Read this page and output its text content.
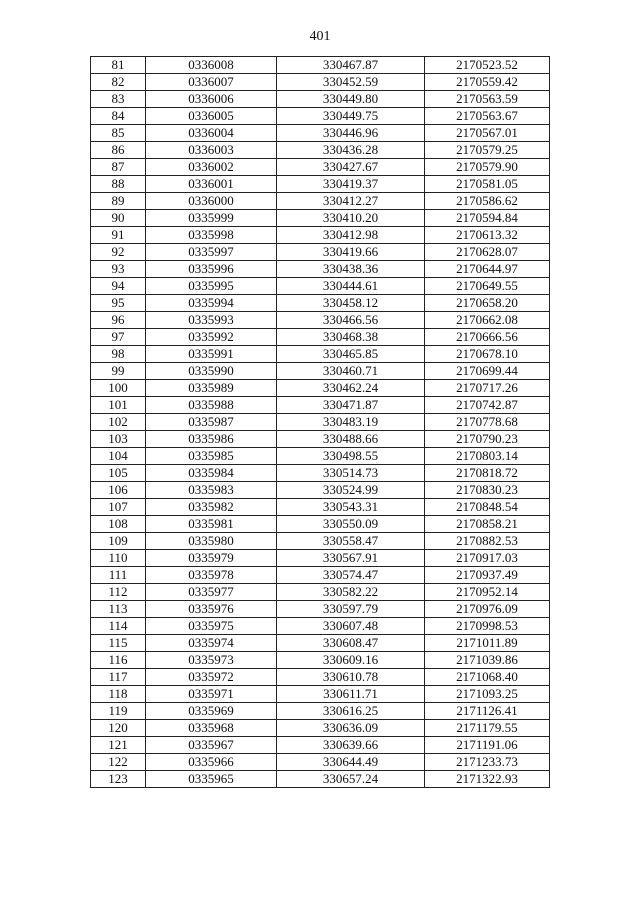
401
81	0336008	330467.87	2170523.52
82	0336007	330452.59	2170559.42
83	0336006	330449.80	2170563.59
84	0336005	330449.75	2170563.67
85	0336004	330446.96	2170567.01
86	0336003	330436.28	2170579.25
87	0336002	330427.67	2170579.90
88	0336001	330419.37	2170581.05
89	0336000	330412.27	2170586.62
90	0335999	330410.20	2170594.84
91	0335998	330412.98	2170613.32
92	0335997	330419.66	2170628.07
93	0335996	330438.36	2170644.97
94	0335995	330444.61	2170649.55
95	0335994	330458.12	2170658.20
96	0335993	330466.56	2170662.08
97	0335992	330468.38	2170666.56
98	0335991	330465.85	2170678.10
99	0335990	330460.71	2170699.44
100	0335989	330462.24	2170717.26
101	0335988	330471.87	2170742.87
102	0335987	330483.19	2170778.68
103	0335986	330488.66	2170790.23
104	0335985	330498.55	2170803.14
105	0335984	330514.73	2170818.72
106	0335983	330524.99	2170830.23
107	0335982	330543.31	2170848.54
108	0335981	330550.09	2170858.21
109	0335980	330558.47	2170882.53
110	0335979	330567.91	2170917.03
111	0335978	330574.47	2170937.49
112	0335977	330582.22	2170952.14
113	0335976	330597.79	2170976.09
114	0335975	330607.48	2170998.53
115	0335974	330608.47	2171011.89
116	0335973	330609.16	2171039.86
117	0335972	330610.78	2171068.40
118	0335971	330611.71	2171093.25
119	0335969	330616.25	2171126.41
120	0335968	330636.09	2171179.55
121	0335967	330639.66	2171191.06
122	0335966	330644.49	2171233.73
123	0335965	330657.24	2171322.93
